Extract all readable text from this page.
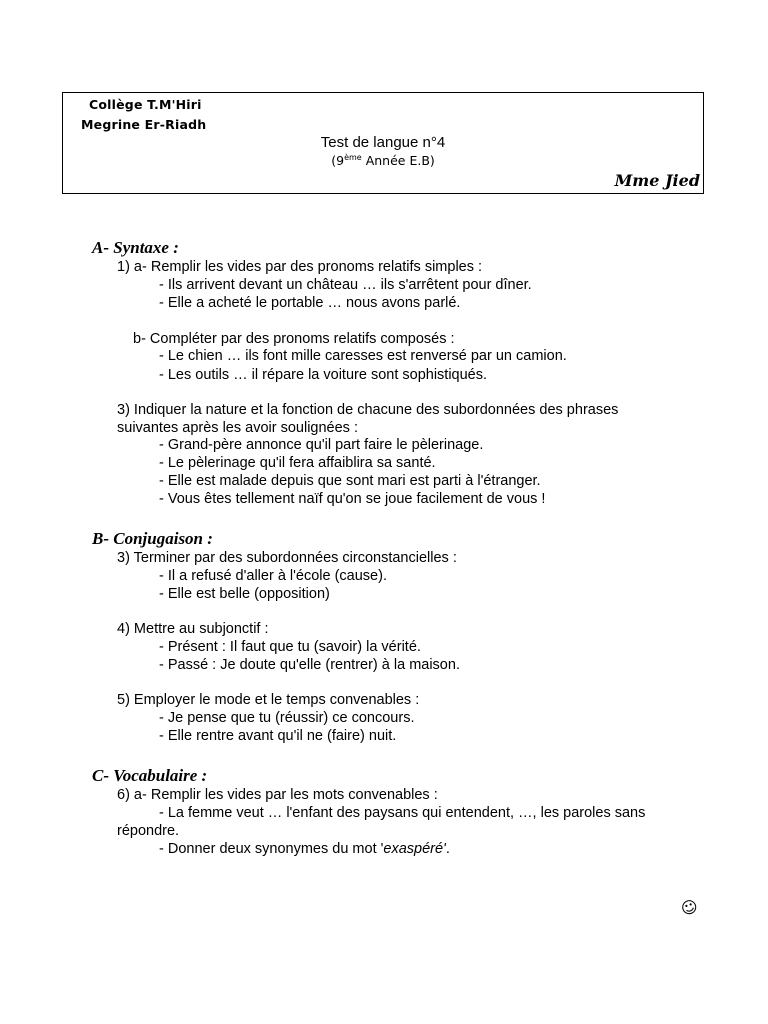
Collège T.M'Hiri
Megrine Er-Riadh
Test de langue n°4
(9ème Année E.B)
Mme Jied
A- Syntaxe :
1) a- Remplir les vides par des pronoms relatifs simples :
- Ils arrivent devant un château … ils s'arrêtent pour dîner.
- Elle a acheté le portable … nous avons parlé.
b- Compléter par des pronoms relatifs composés :
- Le chien … ils font mille caresses est renversé par un camion.
- Les outils … il répare la voiture sont sophistiqués.
3) Indiquer la nature et la fonction de chacune des subordonnées des phrases
suivantes après les avoir soulignées :
- Grand-père annonce qu'il part faire le pèlerinage.
- Le pèlerinage qu'il fera affaiblira sa santé.
- Elle est malade depuis que sont mari est parti à l'étranger.
- Vous êtes tellement naïf qu'on se joue facilement de vous !
B- Conjugaison :
3) Terminer par des subordonnées circonstancielles :
- Il a refusé d'aller à l'école (cause).
- Elle est belle (opposition)
4) Mettre au subjonctif :
- Présent : Il faut que tu (savoir) la vérité.
- Passé : Je doute qu'elle (rentrer) à la maison.
5) Employer le mode et le temps convenables :
- Je pense que tu (réussir) ce concours.
- Elle rentre avant qu'il ne (faire) nuit.
C- Vocabulaire :
6) a- Remplir les vides par les mots convenables :
- La femme veut … l'enfant des paysans qui entendent, …, les paroles sans
répondre.
- Donner deux synonymes du mot 'exaspéré'.
☺
